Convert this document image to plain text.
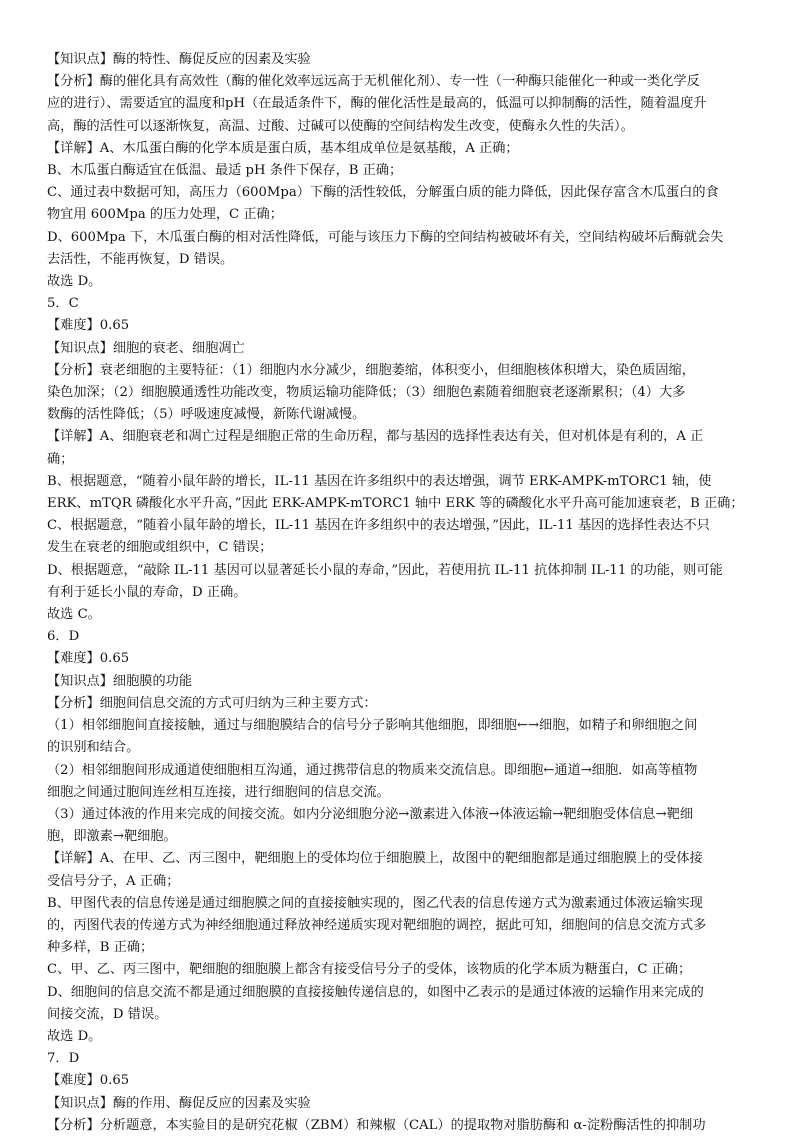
【知识点】酶的特性、酶促反应的因素及实验
【分析】酶的催化具有高效性（酶的催化效率远远高于无机催化剂）、专一性（一种酶只能催化一种或一类化学反
应的进行）、需要适宜的温度和pH（在最适条件下，酶的催化活性是最高的，低温可以抑制酶的活性，随着温度升
高，酶的活性可以逐渐恢复，高温、过酸、过碱可以使酶的空间结构发生改变，使酶永久性的失活）。
【详解】A、木瓜蛋白酶的化学本质是蛋白质，基本组成单位是氨基酸，A 正确；
B、木瓜蛋白酶适宜在低温、最适 pH 条件下保存，B 正确；
C、通过表中数据可知，高压力（600Mpa）下酶的活性较低，分解蛋白质的能力降低，因此保存富含木瓜蛋白的食
物宜用 600Mpa 的压力处理，C 正确；
D、600Mpa 下，木瓜蛋白酶的相对活性降低，可能与该压力下酶的空间结构被破坏有关，空间结构破坏后酶就会失
去活性，不能再恢复，D 错误。
故选 D。
5．C
【难度】0.65
【知识点】细胞的衰老、细胞凋亡
【分析】衰老细胞的主要特征：（1）细胞内水分减少，细胞萎缩，体积变小，但细胞核体积增大，染色质固缩，
染色加深；（2）细胞膜通透性功能改变，物质运输功能降低；（3）细胞色素随着细胞衰老逐渐累积；（4）大多
数酶的活性降低；（5）呼吸速度减慢，新陈代谢减慢。
【详解】A、细胞衰老和凋亡过程是细胞正常的生命历程，都与基因的选择性表达有关，但对机体是有利的，A 正
确；
B、根据题意，“随着小鼠年龄的增长，IL-11 基因在许多组织中的表达增强，调节 ERK-AMPK-mTORC1 轴，使
ERK、mTQR 磷酸化水平升高，”因此 ERK-AMPK-mTORC1 轴中 ERK 等的磷酸化水平升高可能加速衰老，B 正确；
C、根据题意，“随着小鼠年龄的增长，IL-11 基因在许多组织中的表达增强，”因此，IL-11 基因的选择性表达不只
发生在衰老的细胞或组织中，C 错误；
D、根据题意，“敲除 IL-11 基因可以显著延长小鼠的寿命，”因此，若使用抗 IL-11 抗体抑制 IL-11 的功能，则可能
有利于延长小鼠的寿命，D 正确。
故选 C。
6．D
【难度】0.65
【知识点】细胞膜的功能
【分析】细胞间信息交流的方式可归纳为三种主要方式：
（1）相邻细胞间直接接触，通过与细胞膜结合的信号分子影响其他细胞，即细胞←→细胞，如精子和卵细胞之间
的识别和结合。
（2）相邻细胞间形成通道使细胞相互沟通，通过携带信息的物质来交流信息。即细胞←通道→细胞．如高等植物
细胞之间通过胞间连丝相互连接，进行细胞间的信息交流。
（3）通过体液的作用来完成的间接交流。如内分泌细胞分泌→激素进入体液→体液运输→靶细胞受体信息→靶细
胞，即激素→靶细胞。
【详解】A、在甲、乙、丙三图中，靶细胞上的受体均位于细胞膜上，故图中的靶细胞都是通过细胞膜上的受体接
受信号分子，A 正确；
B、甲图代表的信息传递是通过细胞膜之间的直接接触实现的，图乙代表的信息传递方式为激素通过体液运输实现
的，丙图代表的传递方式为神经细胞通过释放神经递质实现对靶细胞的调控，据此可知，细胞间的信息交流方式多
种多样，B 正确；
C、甲、乙、丙三图中，靶细胞的细胞膜上都含有接受信号分子的受体，该物质的化学本质为糖蛋白，C 正确；
D、细胞间的信息交流不都是通过细胞膜的直接接触传递信息的，如图中乙表示的是通过体液的运输作用来完成的
间接交流，D 错误。
故选 D。
7．D
【难度】0.65
【知识点】酶的作用、酶促反应的因素及实验
【分析】分析题意，本实验目的是研究花椒（ZBM）和辣椒（CAL）的提取物对脂肪酶和 α-淀粉酶活性的抑制功
